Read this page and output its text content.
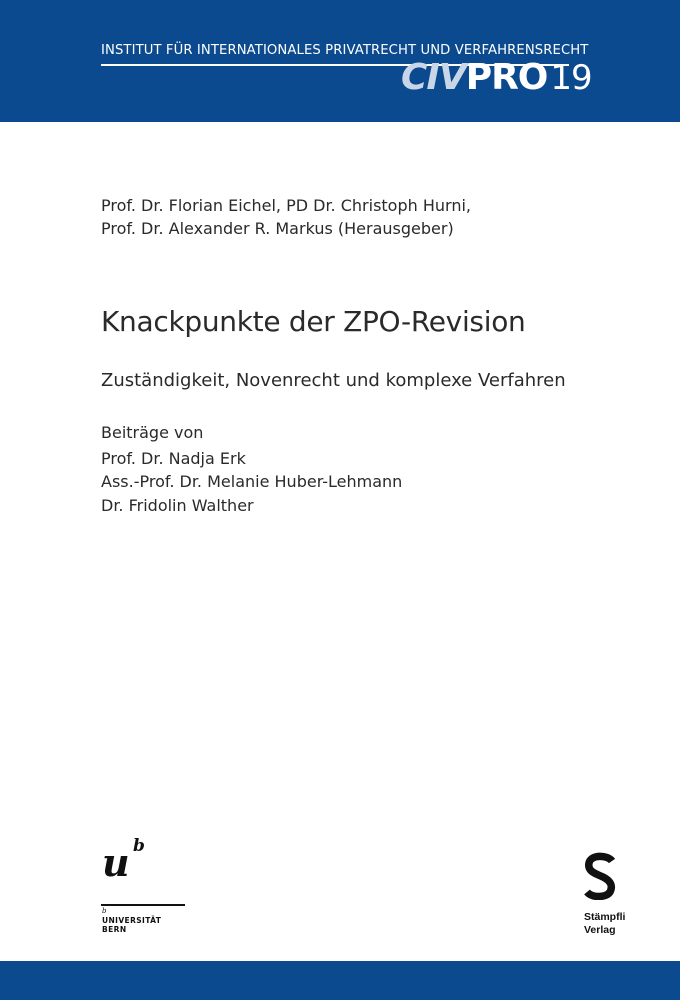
INSTITUT FÜR INTERNATIONALES PRIVATRECHT UND VERFAHRENSRECHT
CIV PRO 19
Prof. Dr. Florian Eichel, PD Dr. Christoph Hurni,
Prof. Dr. Alexander R. Markus (Herausgeber)
Knackpunkte der ZPO-Revision
Zuständigkeit, Novenrecht und komplexe Verfahren
Beiträge von
Prof. Dr. Nadja Erk
Ass.-Prof. Dr. Melanie Huber-Lehmann
Dr. Fridolin Walther
u b
b
UNIVERSITÄT
BERN
Stämpfli
Verlag
